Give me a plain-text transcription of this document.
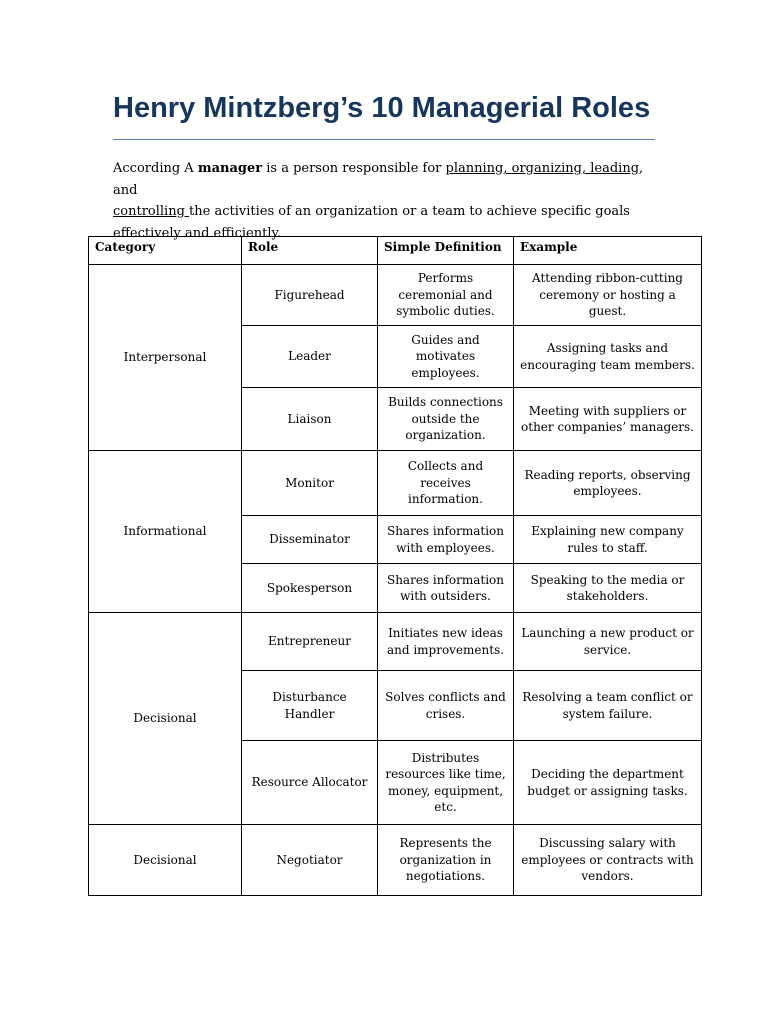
Henry Mintzberg’s 10 Managerial Roles

According A manager is a person responsible for planning, organizing, leading, and
controlling the activities of an organization or a team to achieve specific goals effectively and efficiently.

Category	Role	Simple Definition	Example
Interpersonal	Figurehead	Performs ceremonial and symbolic duties.	Attending ribbon-cutting ceremony or hosting a guest.
	Leader	Guides and motivates employees.	Assigning tasks and encouraging team members.
	Liaison	Builds connections outside the organization.	Meeting with suppliers or other companies’ managers.
Informational	Monitor	Collects and receives information.	Reading reports, observing employees.
	Disseminator	Shares information with employees.	Explaining new company rules to staff.
	Spokesperson	Shares information with outsiders.	Speaking to the media or stakeholders.
Decisional	Entrepreneur	Initiates new ideas and improvements.	Launching a new product or service.
	Disturbance Handler	Solves conflicts and crises.	Resolving a team conflict or system failure.
	Resource Allocator	Distributes resources like time, money, equipment, etc.	Deciding the department budget or assigning tasks.
Decisional	Negotiator	Represents the organization in negotiations.	Discussing salary with employees or contracts with vendors.
